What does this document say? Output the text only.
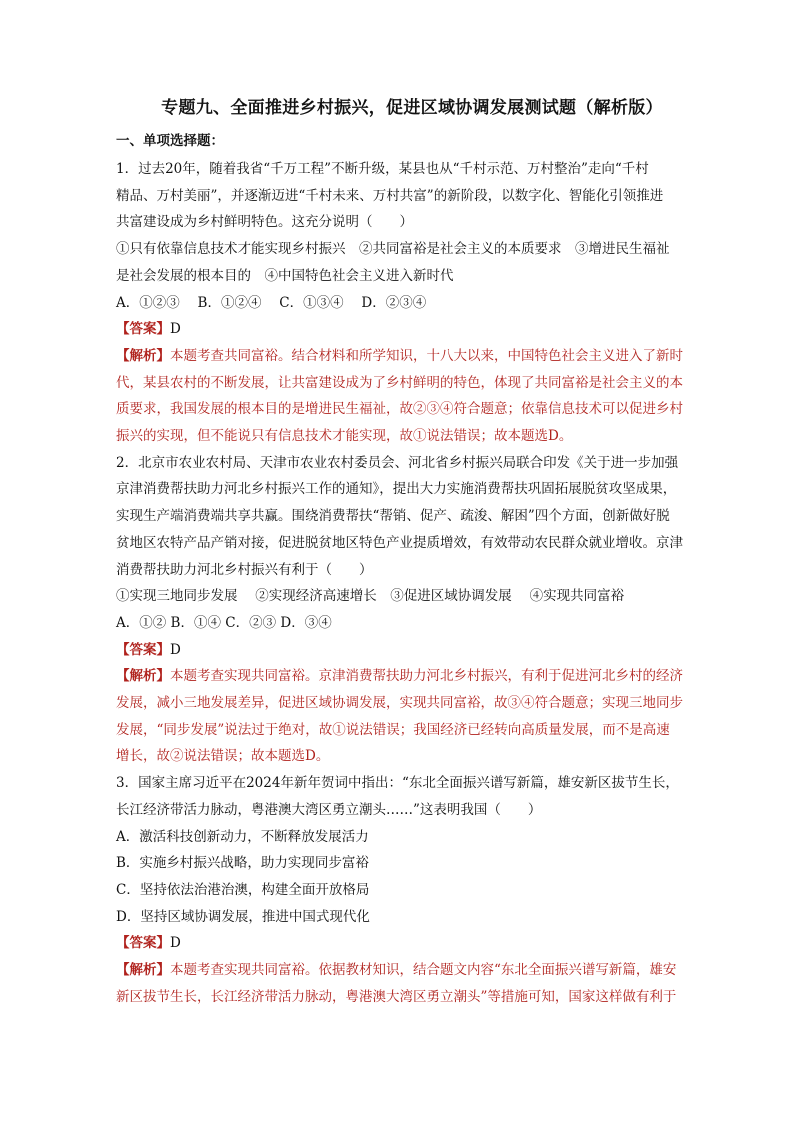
专题九、全面推进乡村振兴，促进区域协调发展测试题（解析版）
一、单项选择题：
1．过去20年，随着我省“千万工程”不断升级，某县也从“千村示范、万村整治”走向“千村
精品、万村美丽”，并逐渐迈进“千村未来、万村共富”的新阶段，以数字化、智能化引领推进
共富建设成为乡村鲜明特色。这充分说明（　　）
①只有依靠信息技术才能实现乡村振兴　②共同富裕是社会主义的本质要求　③增进民生福祉
是社会发展的根本目的　④中国特色社会主义进入新时代
A．①②③　 B．①②④　 C．①③④　 D．②③④
【答案】D
【解析】本题考查共同富裕。结合材料和所学知识，十八大以来，中国特色社会主义进入了新时
代，某县农村的不断发展，让共富建设成为了乡村鲜明的特色，体现了共同富裕是社会主义的本
质要求，我国发展的根本目的是增进民生福祉，故②③④符合题意；依靠信息技术可以促进乡村
振兴的实现，但不能说只有信息技术才能实现，故①说法错误；故本题选D。
2．北京市农业农村局、天津市农业农村委员会、河北省乡村振兴局联合印发《关于进一步加强
京津消费帮扶助力河北乡村振兴工作的通知》，提出大力实施消费帮扶巩固拓展脱贫攻坚成果，
实现生产端消费端共享共赢。围绕消费帮扶“帮销、促产、疏浚、解困”四个方面，创新做好脱
贫地区农特产品产销对接，促进脱贫地区特色产业提质增效，有效带动农民群众就业增收。京津
消费帮扶助力河北乡村振兴有利于（　　）
①实现三地同步发展　 ②实现经济高速增长　③促进区域协调发展　 ④实现共同富裕
A．①② B．①④ C．②③ D．③④
【答案】D
【解析】本题考查实现共同富裕。京津消费帮扶助力河北乡村振兴，有利于促进河北乡村的经济
发展，减小三地发展差异，促进区域协调发展，实现共同富裕，故③④符合题意；实现三地同步
发展，“同步发展”说法过于绝对，故①说法错误；我国经济已经转向高质量发展，而不是高速
增长，故②说法错误；故本题选D。
3．国家主席习近平在2024年新年贺词中指出：“东北全面振兴谱写新篇，雄安新区拔节生长，
长江经济带活力脉动，粤港澳大湾区勇立潮头……”这表明我国（　　）
A．激活科技创新动力，不断释放发展活力
B．实施乡村振兴战略，助力实现同步富裕
C．坚持依法治港治澳，构建全面开放格局
D．坚持区域协调发展，推进中国式现代化
【答案】D
【解析】本题考查实现共同富裕。依据教材知识，结合题文内容“东北全面振兴谱写新篇，雄安
新区拔节生长，长江经济带活力脉动，粤港澳大湾区勇立潮头”等措施可知，国家这样做有利于
